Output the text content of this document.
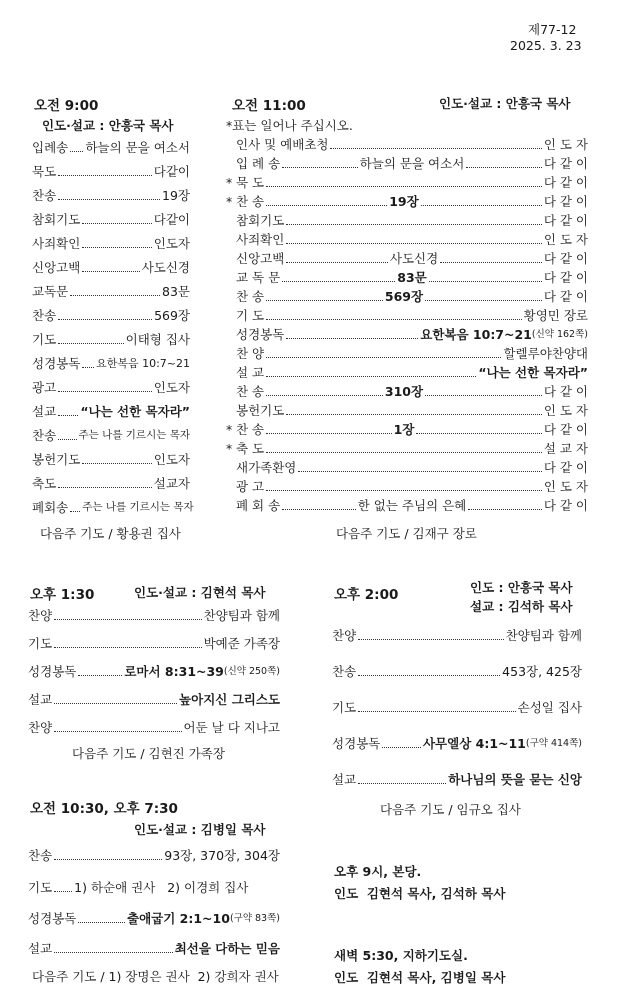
제77-12
2025. 3. 23
오전 9:00
인도·설교 : 안흥국 목사
입례송 하늘의 문을 여소서
묵도	다같이
찬송	19장
참회기도	다같이
사죄확인	인도자
신앙고백	사도신경
교독문	83문
찬송	569장
기도	이태형 집사
성경봉독 요한복음 10:7~21
광고	인도자
설교 “나는 선한 목자라”
찬송 주는 나를 기르시는 목자
봉헌기도	인도자
축도	설교자
폐회송 주는 나를 기르시는 목자
다음주 기도 / 황용권 집사
오전 11:00	인도·설교 : 안흥국 목사
*표는 일어나 주십시오.
인사 및 예배초청	인 도 자
입 례 송	하늘의 문을 여소서	다 같 이
* 묵 도	다 같 이
* 찬 송	19장	다 같 이
참회기도	다 같 이
사죄확인	인 도 자
신앙고백	사도신경	다 같 이
교 독 문	83문	다 같 이
찬 송	569장	다 같 이
기 도	황영민 장로
성경봉독	요한복음 10:7~21 (신약 162쪽)
찬 양	할렐루야찬양대
설 교	“나는 선한 목자라”
찬 송	310장	다 같 이
봉헌기도	인 도 자
* 찬 송	1장	다 같 이
* 축 도	설 교 자
새가족환영	다 같 이
광 고	인 도 자
폐 회 송	한 없는 주님의 은혜	다 같 이
다음주 기도 / 김재구 장로
오후 1:30	인도·설교 : 김현석 목사
찬양	찬양팀과 함께
기도	박예준 가족장
성경봉독	로마서 8:31~39 (신약 250쪽)
설교	높아지신 그리스도
찬양	어둔 날 다 지나고
다음주 기도 / 김현진 가족장
오후 2:00	인도 : 안흥국 목사
설교 : 김석하 목사
찬양	찬양팀과 함께
찬송	453장, 425장
기도	손성일 집사
성경봉독	사무엘상 4:1~11 (구약 414쪽)
설교	하나님의 뜻을 묻는 신앙
다음주 기도 / 임규오 집사
오전 10:30, 오후 7:30
인도·설교 : 김병일 목사
찬송	93장, 370장, 304장
기도 1) 하순애 권사   2) 이경희 집사
성경봉독	출애굽기 2:1~10 (구약 83쪽)
설교	최선을 다하는 믿음
다음주 기도 / 1) 장명은 권사  2) 강희자 권사
오후 9시, 본당.
인도  김현석 목사, 김석하 목사
새벽 5:30, 지하기도실.
인도  김현석 목사, 김병일 목사
